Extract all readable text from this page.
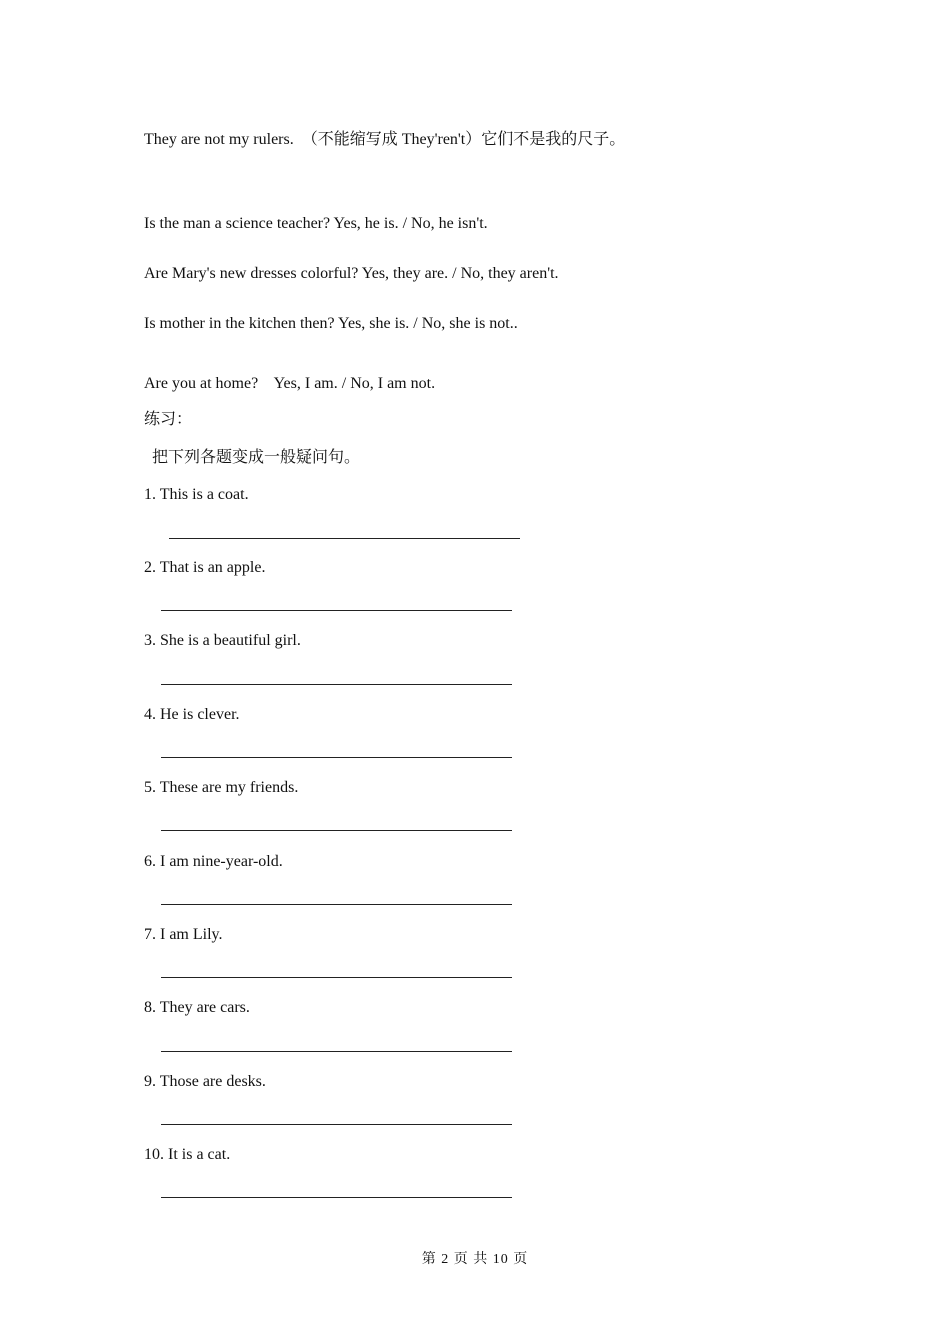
They are not my rulers.  （不能缩写成 They'ren't）它们不是我的尺子。
Is the man a science teacher? Yes, he is. / No, he isn't.
Are Mary's new dresses colorful? Yes, they are. / No, they aren't.
Is mother in the kitchen then? Yes, she is. / No, she is not..
Are you at home?    Yes, I am. / No, I am not.
练习：
把下列各题变成一般疑问句。
1. This is a coat.
2. That is an apple.
3. She is a beautiful girl.
4. He is clever.
5. These are my friends.
6. I am nine-year-old.
7. I am Lily.
8. They are cars.
9. Those are desks.
10. It is a cat.
第 2 页 共 10 页
